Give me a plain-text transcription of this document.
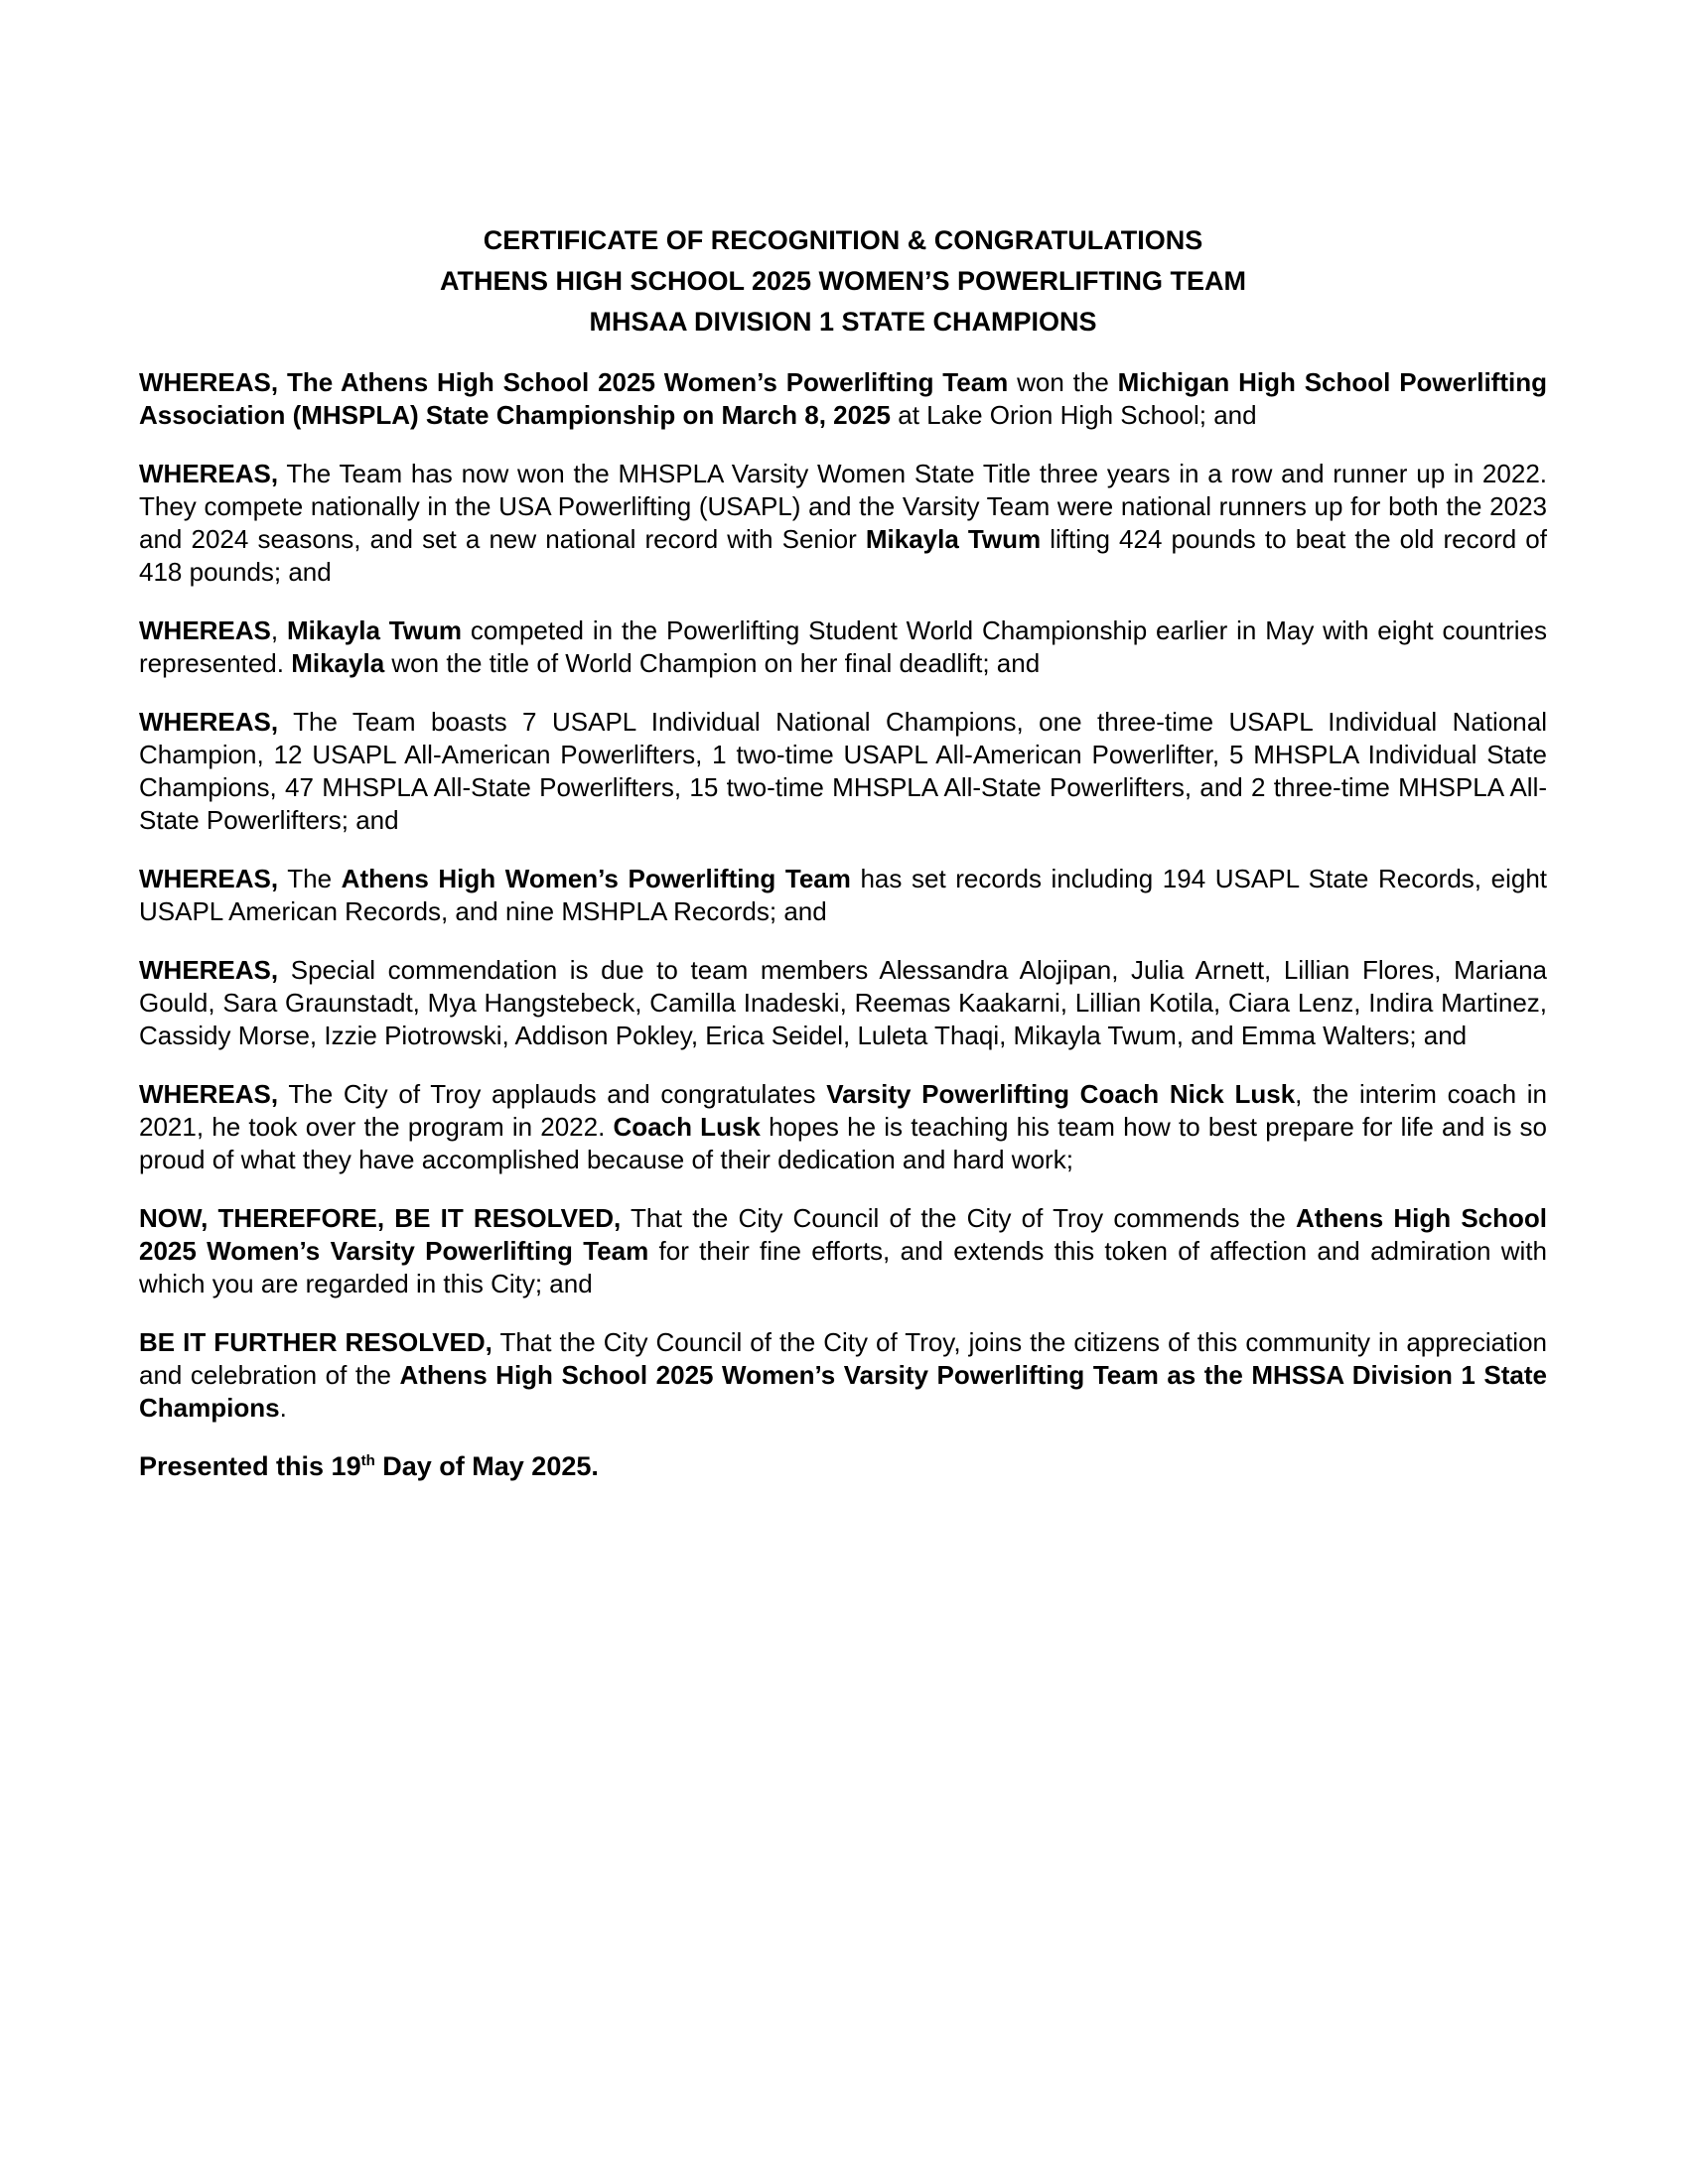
CERTIFICATE OF RECOGNITION & CONGRATULATIONS
ATHENS HIGH SCHOOL 2025 WOMEN’S POWERLIFTING TEAM
MHSAA DIVISION 1 STATE CHAMPIONS

WHEREAS, The Athens High School 2025 Women’s Powerlifting Team won the Michigan High School Powerlifting Association (MHSPLA) State Championship on March 8, 2025 at Lake Orion High School; and

WHEREAS, The Team has now won the MHSPLA Varsity Women State Title three years in a row and runner up in 2022. They compete nationally in the USA Powerlifting (USAPL) and the Varsity Team were national runners up for both the 2023 and 2024 seasons, and set a new national record with Senior Mikayla Twum lifting 424 pounds to beat the old record of 418 pounds; and

WHEREAS, Mikayla Twum competed in the Powerlifting Student World Championship earlier in May with eight countries represented. Mikayla won the title of World Champion on her final deadlift; and

WHEREAS, The Team boasts 7 USAPL Individual National Champions, one three-time USAPL Individual National Champion, 12 USAPL All-American Powerlifters, 1 two-time USAPL All-American Powerlifter, 5 MHSPLA Individual State Champions, 47 MHSPLA All-State Powerlifters, 15 two-time MHSPLA All-State Powerlifters, and 2 three-time MHSPLA All-State Powerlifters; and

WHEREAS, The Athens High Women’s Powerlifting Team has set records including 194 USAPL State Records, eight USAPL American Records, and nine MSHPLA Records; and

WHEREAS, Special commendation is due to team members Alessandra Alojipan, Julia Arnett, Lillian Flores, Mariana Gould, Sara Graunstadt, Mya Hangstebeck, Camilla Inadeski, Reemas Kaakarni, Lillian Kotila, Ciara Lenz, Indira Martinez, Cassidy Morse, Izzie Piotrowski, Addison Pokley, Erica Seidel, Luleta Thaqi, Mikayla Twum, and Emma Walters; and

WHEREAS, The City of Troy applauds and congratulates Varsity Powerlifting Coach Nick Lusk, the interim coach in 2021, he took over the program in 2022. Coach Lusk hopes he is teaching his team how to best prepare for life and is so proud of what they have accomplished because of their dedication and hard work;

NOW, THEREFORE, BE IT RESOLVED, That the City Council of the City of Troy commends the Athens High School 2025 Women’s Varsity Powerlifting Team for their fine efforts, and extends this token of affection and admiration with which you are regarded in this City; and

BE IT FURTHER RESOLVED, That the City Council of the City of Troy, joins the citizens of this community in appreciation and celebration of the Athens High School 2025 Women’s Varsity Powerlifting Team as the MHSSA Division 1 State Champions.

Presented this 19th Day of May 2025.
